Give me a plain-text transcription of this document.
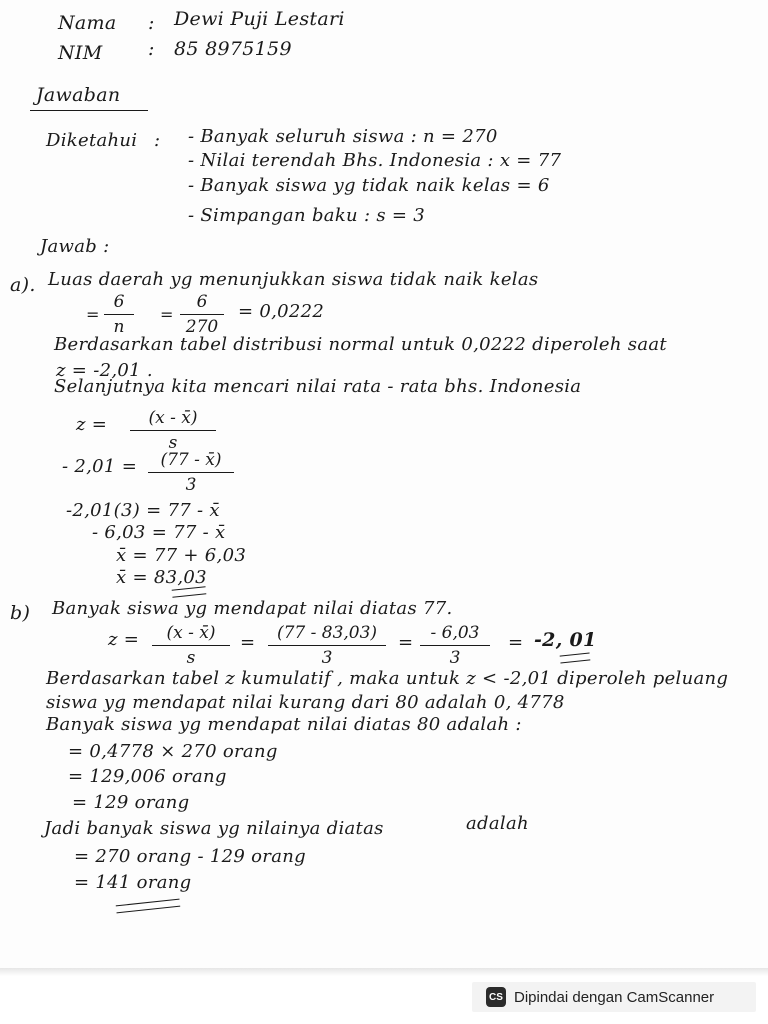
Nama : Dewi Puji Lestari
NIM : 85 8975159
Jawaban
Diketahui : - Banyak seluruh siswa : n = 270
- Nilai terendah Bhs. Indonesia : x = 77
- Banyak siswa yg tidak naik kelas = 6
- Simpangan baku : s = 3
Jawab :
a). Luas daerah yg menunjukkan siswa tidak naik kelas
=
6
n
=
6
270
= 0,0222
Berdasarkan tabel distribusi normal untuk 0,0222 diperoleh saat
z = -2,01 .
Selanjutnya kita mencari nilai rata - rata bhs. Indonesia
z =	(x - x̄)
s
- 2,01 =	(77 - x̄)
3
-2,01(3) = 77 - x̄
- 6,03 = 77 - x̄
x̄ = 77 + 6,03
x̄ = 83,03
b) Banyak siswa yg mendapat nilai diatas 77.
z =	(x - x̄)
s
=	(77 - 83,03)
3
=	- 6,03
3
= -2, 01
Berdasarkan tabel z kumulatif , maka untuk z < -2,01 diperoleh peluang
siswa yg mendapat nilai kurang dari 80 adalah 0, 4778
Banyak siswa yg mendapat nilai diatas 80 adalah :
= 0,4778 × 270 orang
= 129,006 orang
= 129 orang
Jadi banyak siswa yg nilainya diatas	adalah
= 270 orang - 129 orang
= 141 orang
CS Dipindai dengan CamScanner
